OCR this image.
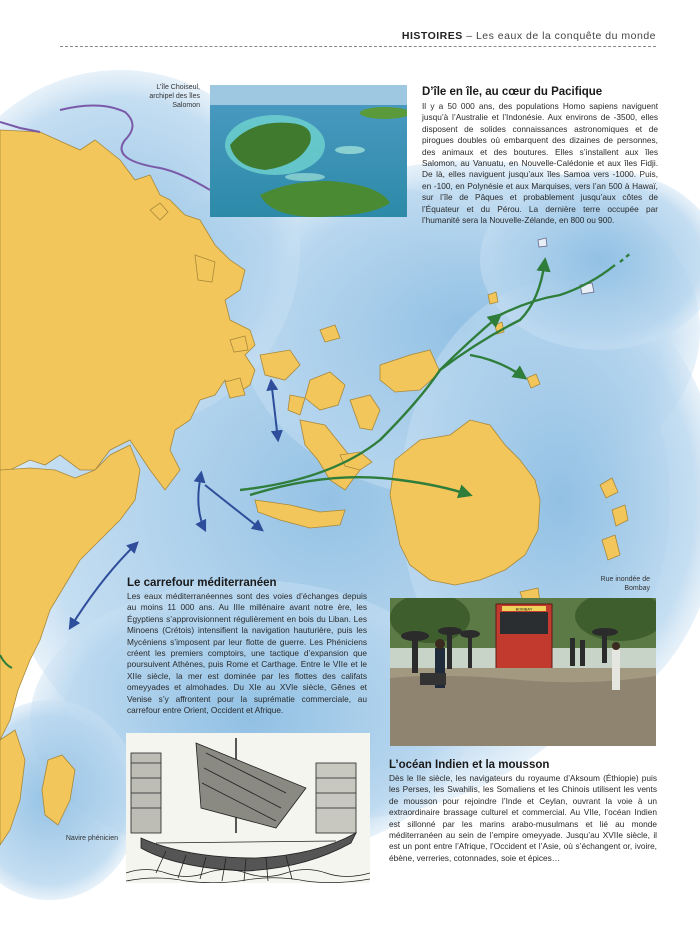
HISTOIRES – Les eaux de la conquête du monde
L’île Choiseul, archipel des îles Salomon
D’île en île, au cœur du Pacifique
Il y a 50 000 ans, des populations Homo sapiens naviguent jusqu’à l’Australie et l’Indonésie. Aux environs de -3500, elles disposent de solides connaissances astronomiques et de pirogues doubles où embarquent des dizaines de personnes, des animaux et des boutures. Elles s’installent aux îles Salomon, au Vanuatu, en Nouvelle-Calédonie et aux îles Fidji. De là, elles naviguent jusqu’aux îles Samoa vers -1000. Puis, en -100, en Polynésie et aux Marquises, vers l’an 500 à Hawaï, sur l’île de Pâques et probablement jusqu’aux côtes de l’Équateur et du Pérou. La dernière terre occupée par l’humanité sera la Nouvelle-Zélande, en 800 ou 900.
Le carrefour méditerranéen
Les eaux méditerranéennes sont des voies d’échanges depuis au moins 11 000 ans. Au IIIe millénaire avant notre ère, les Égyptiens s’approvisionnent régulièrement en bois du Liban. Les Minoens (Crétois) intensifient la navigation hauturière, puis les Mycéniens s’imposent par leur flotte de guerre. Les Phéniciens créent les premiers comptoirs, une tactique d’expansion que poursuivent Athènes, puis Rome et Carthage. Entre le VIIe et le XIIe siècle, la mer est dominée par les flottes des califats omeyyades et almohades. Du XIe au XVIe siècle, Gênes et Venise s’y affrontent pour la suprématie commerciale, au carrefour entre Orient, Occident et Afrique.
Navire phénicien
Rue inondée de Bombay
BOMBAY
L’océan Indien et la mousson
Dès le IIe siècle, les navigateurs du royaume d’Aksoum (Éthiopie) puis les Perses, les Swahilis, les Somaliens et les Chinois utilisent les vents de mousson pour rejoindre l’Inde et Ceylan, ouvrant la voie à un extraordinaire brassage culturel et commercial. Au VIIe, l’océan Indien est sillonné par les marins arabo-musulmans et lié au monde méditerranéen au sein de l’empire omeyyade. Jusqu’au XVIIe siècle, il est un pont entre l’Afrique, l’Occident et l’Asie, où s’échangent or, ivoire, ébène, verreries, cotonnades, soie et épices…
